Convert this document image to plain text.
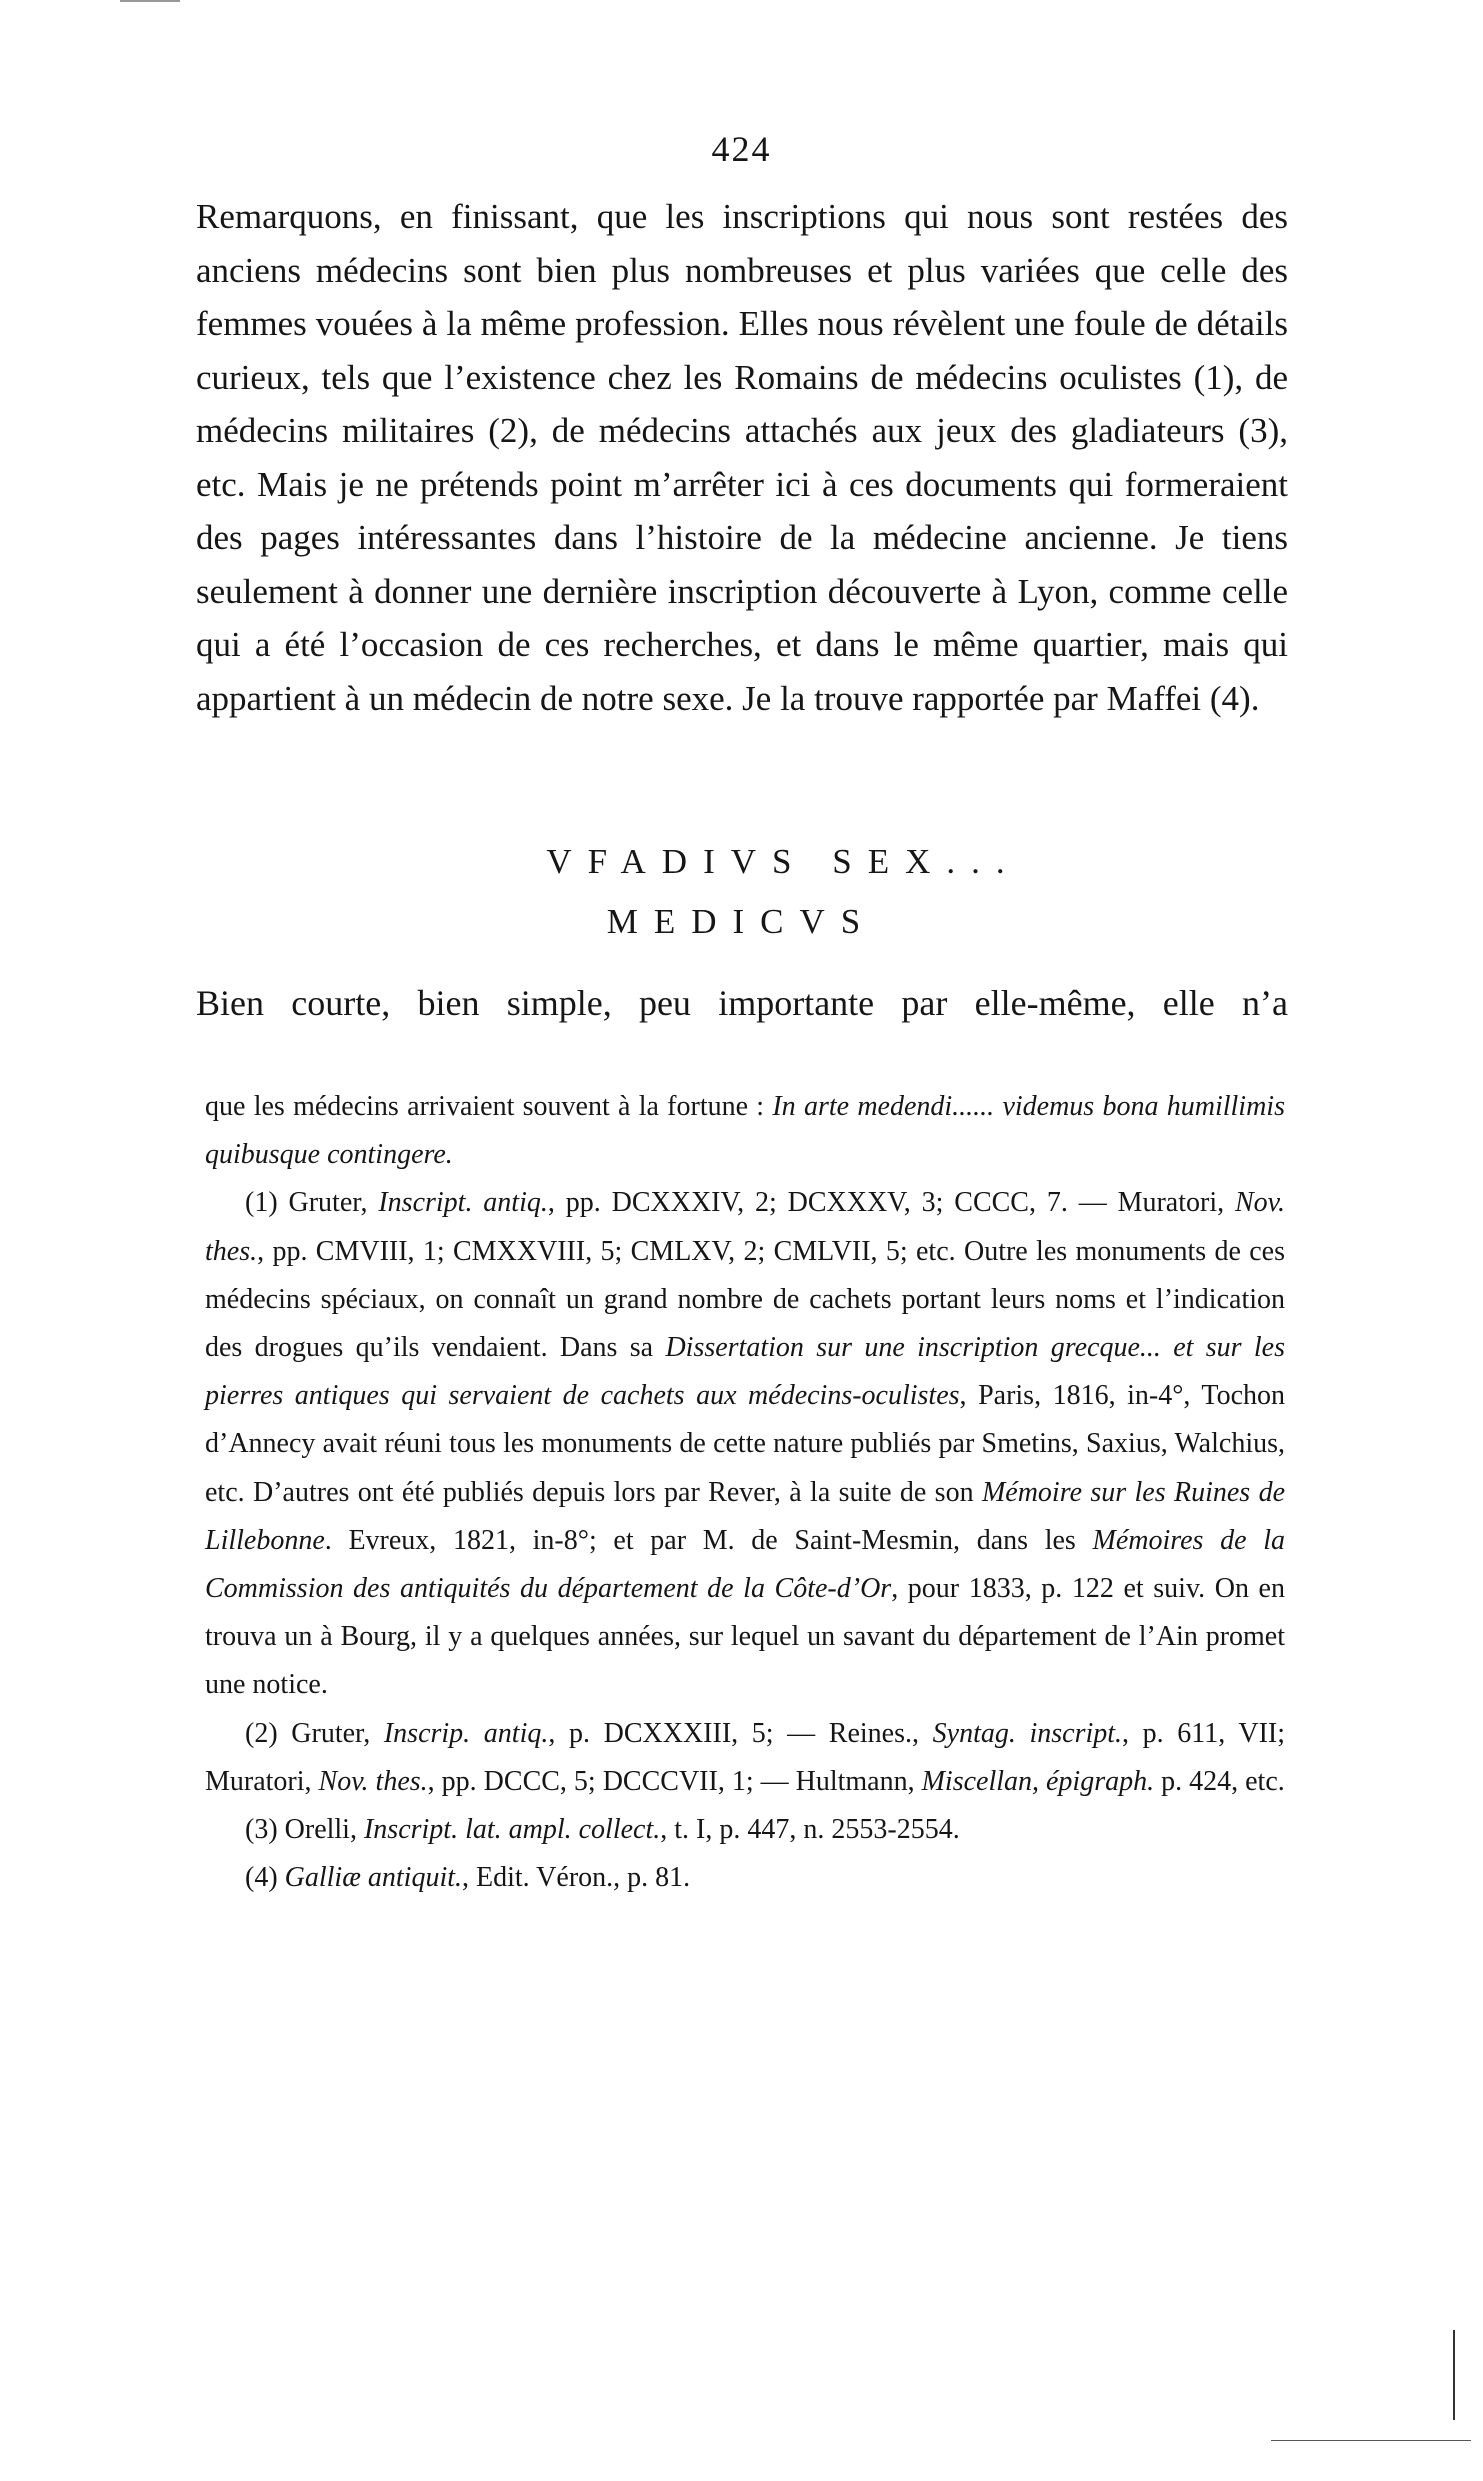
424

Remarquons, en finissant, que les inscriptions qui nous sont restées des anciens médecins sont bien plus nombreuses et plus variées que celle des femmes vouées à la même profession. Elles nous révèlent une foule de détails curieux, tels que l’existence chez les Romains de médecins oculistes (1), de médecins militaires (2), de médecins attachés aux jeux des gladiateurs (3), etc. Mais je ne prétends point m’arrêter ici à ces documents qui formeraient des pages intéressantes dans l’histoire de la médecine ancienne. Je tiens seulement à donner une dernière inscription découverte à Lyon, comme celle qui a été l’occasion de ces recherches, et dans le même quartier, mais qui appartient à un médecin de notre sexe. Je la trouve rapportée par Maffei (4).

VFADIVS SEX...
MEDICVS
Bien courte, bien simple, peu importante par elle-même, elle n’a

que les médecins arrivaient souvent à la fortune : In arte medendi...... videmus bona humillimis quibusque contingere.

(1) Gruter, Inscript. antiq., pp. DCXXXIV, 2; DCXXXV, 3; CCCC, 7. — Muratori, Nov. thes., pp. CMVIII, 1; CMXXVIII, 5; CMLXV, 2; CMLVII, 5; etc. Outre les monuments de ces médecins spéciaux, on connaît un grand nombre de cachets portant leurs noms et l’indication des drogues qu’ils vendaient. Dans sa Dissertation sur une inscription grecque... et sur les pierres antiques qui servaient de cachets aux médecins-oculistes, Paris, 1816, in-4°, Tochon d’Annecy avait réuni tous les monuments de cette nature publiés par Smetins, Saxius, Walchius, etc. D’autres ont été publiés depuis lors par Rever, à la suite de son Mémoire sur les Ruines de Lillebonne. Evreux, 1821, in-8°; et par M. de Saint-Mesmin, dans les Mémoires de la Commission des antiquités du département de la Côte-d’Or, pour 1833, p. 122 et suiv. On en trouva un à Bourg, il y a quelques années, sur lequel un savant du département de l’Ain promet une notice.

(2) Gruter, Inscrip. antiq., p. DCXXXIII, 5; — Reines., Syntag. inscript., p. 611, VII; Muratori, Nov. thes., pp. DCCC, 5; DCCCVII, 1; — Hultmann, Miscellan, épigraph. p. 424, etc.

(3) Orelli, Inscript. lat. ampl. collect., t. I, p. 447, n. 2553-2554.

(4) Galliæ antiquit., Edit. Véron., p. 81.
